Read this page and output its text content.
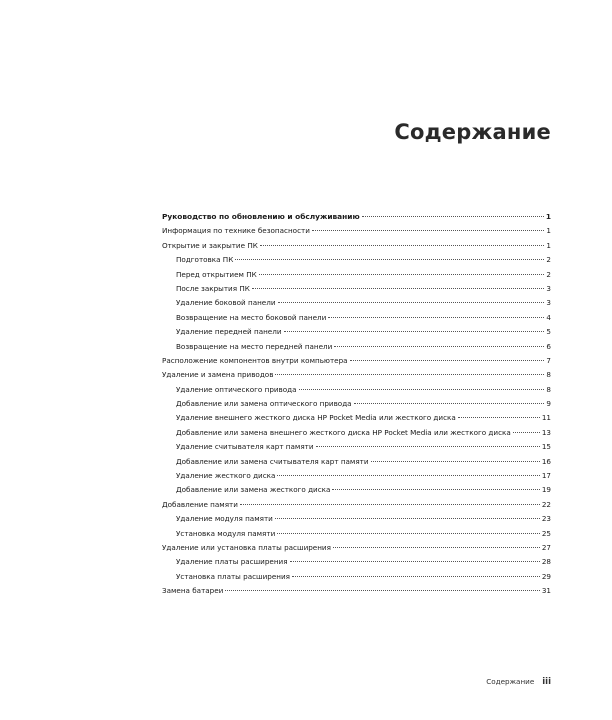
Содержание
Руководство по обновлению и обслуживанию	1
Информация по технике безопасности	1
Открытие и закрытие ПК	1
Подготовка ПК	2
Перед открытием ПК	2
После закрытия ПК	3
Удаление боковой панели	3
Возвращение на место боковой панели	4
Удаление передней панели	5
Возвращение на место передней панели	6
Расположение компонентов внутри компьютера	7
Удаление и замена приводов	8
Удаление оптического привода	8
Добавление или замена оптического привода	9
Удаление внешнего жесткого диска HP Pocket Media или жесткого диска	11
Добавление или замена внешнего жесткого диска HP Pocket Media или жесткого диска	13
Удаление считывателя карт памяти	15
Добавление или замена считывателя карт памяти	16
Удаление жесткого диска	17
Добавление или замена жесткого диска	19
Добавление памяти	22
Удаление модуля памяти	23
Установка модуля памяти	25
Удаление или установка платы расширения	27
Удаление платы расширения	28
Установка платы расширения	29
Замена батареи	31
Содержание iii
